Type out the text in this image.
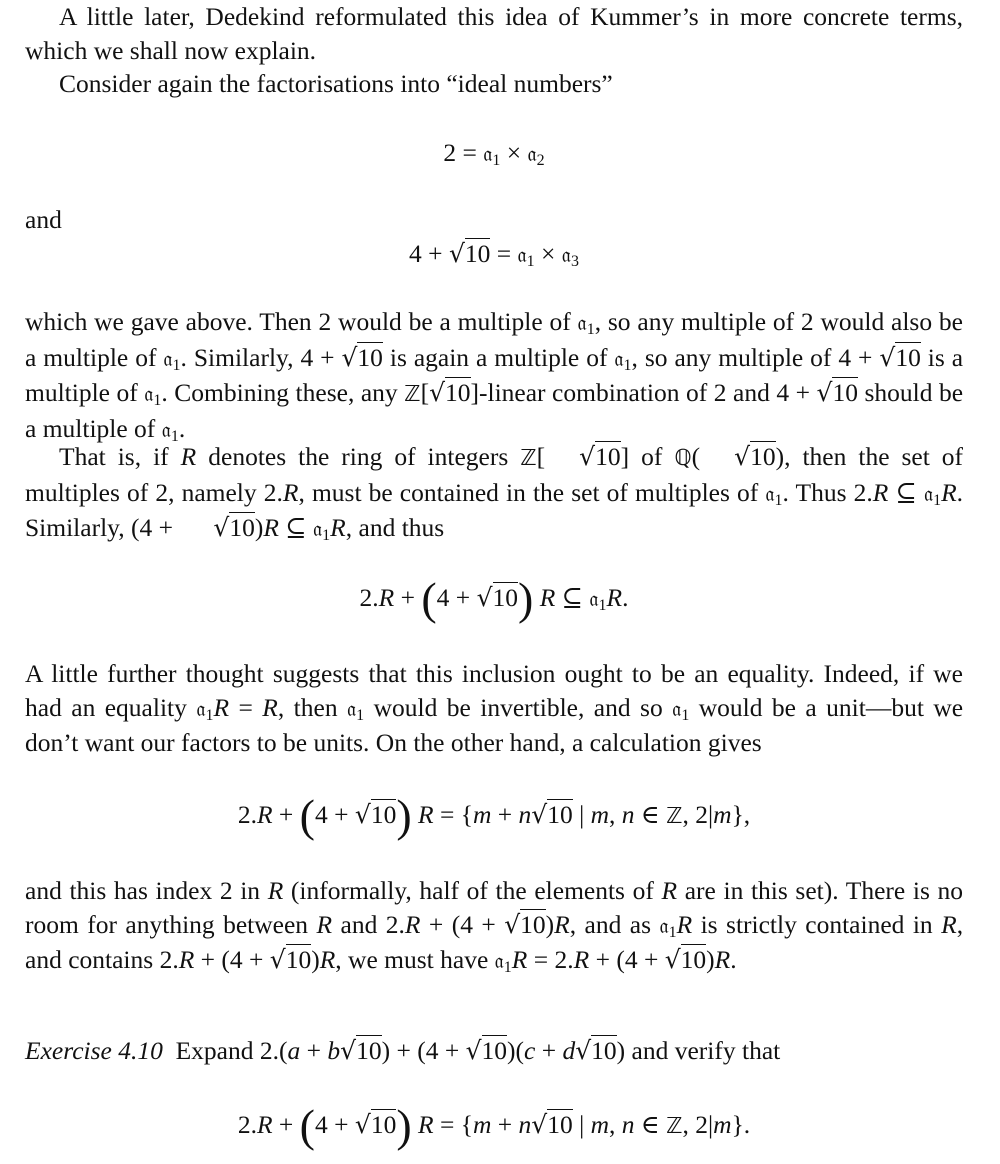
A little later, Dedekind reformulated this idea of Kummer’s in more concrete terms, which we shall now explain.

Consider again the factorisations into “ideal numbers”

2 = 𝔞$_1$ × 𝔞$_2$

and

4 + √10 = 𝔞$_1$ × 𝔞$_3$

which we gave above. Then 2 would be a multiple of 𝔞$_1$, so any multiple of 2 would also be a multiple of 𝔞$_1$. Similarly, 4 + √10 is again a multiple of 𝔞$_1$, so any multiple of 4 + √10 is a multiple of 𝔞$_1$. Combining these, any ℤ[√10]-linear combination of 2 and 4 + √10 should be a multiple of 𝔞$_1$.

That is, if R denotes the ring of integers ℤ[ √10] of ℚ( √10), then the set of multiples of 2, namely 2.R, must be contained in the set of multiples of 𝔞$_1$. Thus 2.R ⊆ 𝔞$_1$R. Similarly, (4 + √10)R ⊆ 𝔞$_1$R, and thus

2.R + (4 + √10) R ⊆ 𝔞$_1$R.

A little further thought suggests that this inclusion ought to be an equality. Indeed, if we had an equality 𝔞$_1$R = R, then 𝔞$_1$ would be invertible, and so 𝔞$_1$ would be a unit—but we don’t want our factors to be units. On the other hand, a calculation gives

2.R + (4 + √10) R = {m + n√10 | m, n ∈ ℤ, 2|m},

and this has index 2 in R (informally, half of the elements of R are in this set). There is no room for anything between R and 2.R + (4 + √10)R, and as 𝔞$_1$R is strictly contained in R, and contains 2.R + (4 + √10)R, we must have 𝔞$_1$R = 2.R + (4 + √10)R.

Exercise 4.10 Expand 2.(a + b√10) + (4 + √10)(c + d√10) and verify that

2.R + (4 + √10) R = {m + n√10 | m, n ∈ ℤ, 2|m}.
